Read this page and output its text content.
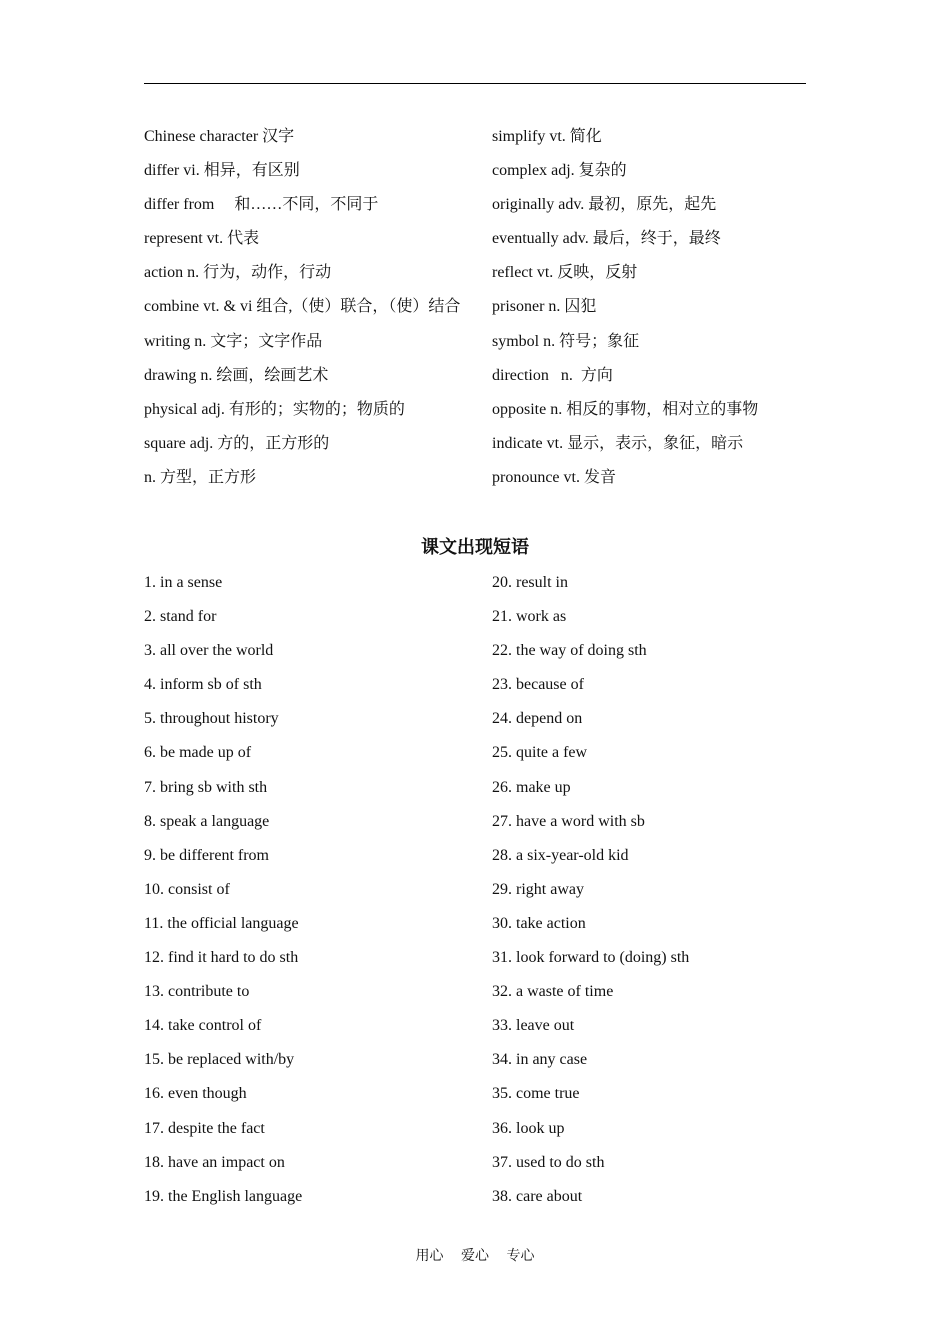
Chinese character 汉字	simplify vt. 简化
differ vi. 相异，有区别	complex adj. 复杂的
differ from     和……不同，不同于	originally adv. 最初，原先，起先
represent vt. 代表	eventually adv. 最后，终于，最终
action n. 行为，动作，行动	reflect vt. 反映，反射
combine vt. & vi 组合,（使）联合，（使）结合	prisoner n. 囚犯
writing n. 文字；文字作品	symbol n. 符号；象征
drawing n. 绘画，绘画艺术	direction   n.  方向
physical adj. 有形的；实物的；物质的	opposite n. 相反的事物，相对立的事物
square adj. 方的，正方形的	indicate vt. 显示，表示，象征，暗示
n. 方型，正方形	pronounce vt. 发音
课文出现短语
1. in a sense	20. result in
2. stand for	21. work as
3. all over the world	22. the way of doing sth
4. inform sb of sth	23. because of
5. throughout history	24. depend on
6. be made up of	25. quite a few
7. bring sb with sth	26. make up
8. speak a language	27. have a word with sb
9. be different from	28. a six-year-old kid
10. consist of	29. right away
11. the official language	30. take action
12. find it hard to do sth	31. look forward to (doing) sth
13. contribute to	32. a waste of time
14. take control of	33. leave out
15. be replaced with/by	34. in any case
16. even though	35. come true
17. despite the fact	36. look up
18. have an impact on	37. used to do sth
19. the English language	38. care about
用心 爱心 专心
